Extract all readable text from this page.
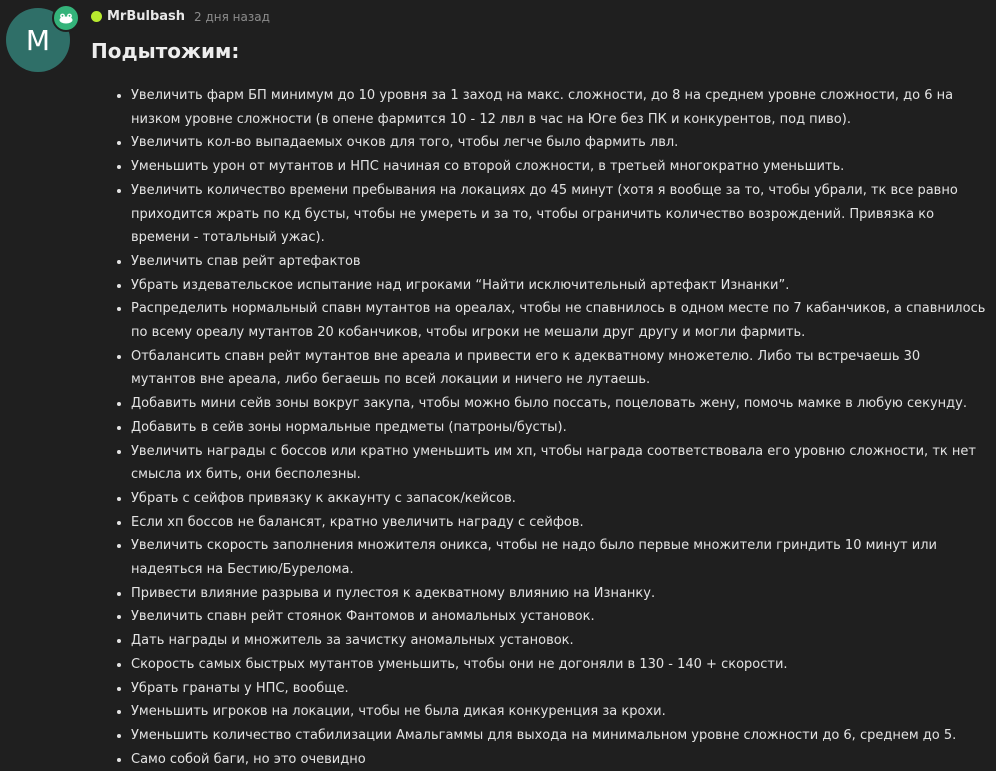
M
MrBulbash 2 дня назад
Подытожим:
• Увеличить фарм БП минимум до 10 уровня за 1 заход на макс. сложности, до 8 на среднем уровне сложности, до 6 на низком уровне сложности (в опене фармится 10 - 12 лвл в час на Юге без ПК и конкурентов, под пиво).
• Увеличить кол-во выпадаемых очков для того, чтобы легче было фармить лвл.
• Уменьшить урон от мутантов и НПС начиная со второй сложности, в третьей многократно уменьшить.
• Увеличить количество времени пребывания на локациях до 45 минут (хотя я вообще за то, чтобы убрали, тк все равно приходится жрать по кд бусты, чтобы не умереть и за то, чтобы ограничить количество возрождений. Привязка ко времени - тотальный ужас).
• Увеличить спав рейт артефактов
• Убрать издевательское испытание над игроками “Найти исключительный артефакт Изнанки”.
• Распределить нормальный спавн мутантов на ореалах, чтобы не спавнилось в одном месте по 7 кабанчиков, а спавнилось по всему ореалу мутантов 20 кобанчиков, чтобы игроки не мешали друг другу и могли фармить.
• Отбалансить спавн рейт мутантов вне ареала и привести его к адекватному множетелю. Либо ты встречаешь 30 мутантов вне ареала, либо бегаешь по всей локации и ничего не лутаешь.
• Добавить мини сейв зоны вокруг закупа, чтобы можно было поссать, поцеловать жену, помочь мамке в любую секунду.
• Добавить в сейв зоны нормальные предметы (патроны/бусты).
• Увеличить награды с боссов или кратно уменьшить им хп, чтобы награда соответствовала его уровню сложности, тк нет смысла их бить, они бесполезны.
• Убрать с сейфов привязку к аккаунту с запасок/кейсов.
• Если хп боссов не балансят, кратно увеличить награду с сейфов.
• Увеличить скорость заполнения множителя оникса, чтобы не надо было первые множители гриндить 10 минут или надеяться на Бестию/Бурелома.
• Привести влияние разрыва и пулестоя к адекватному влиянию на Изнанку.
• Увеличить спавн рейт стоянок Фантомов и аномальных установок.
• Дать награды и множитель за зачистку аномальных установок.
• Скорость самых быстрых мутантов уменьшить, чтобы они не догоняли в 130 - 140 + скорости.
• Убрать гранаты у НПС, вообще.
• Уменьшить игроков на локации, чтобы не была дикая конкуренция за крохи.
• Уменьшить количество стабилизации Амальгаммы для выхода на минимальном уровне сложности до 6, среднем до 5.
• Само собой баги, но это очевидно
